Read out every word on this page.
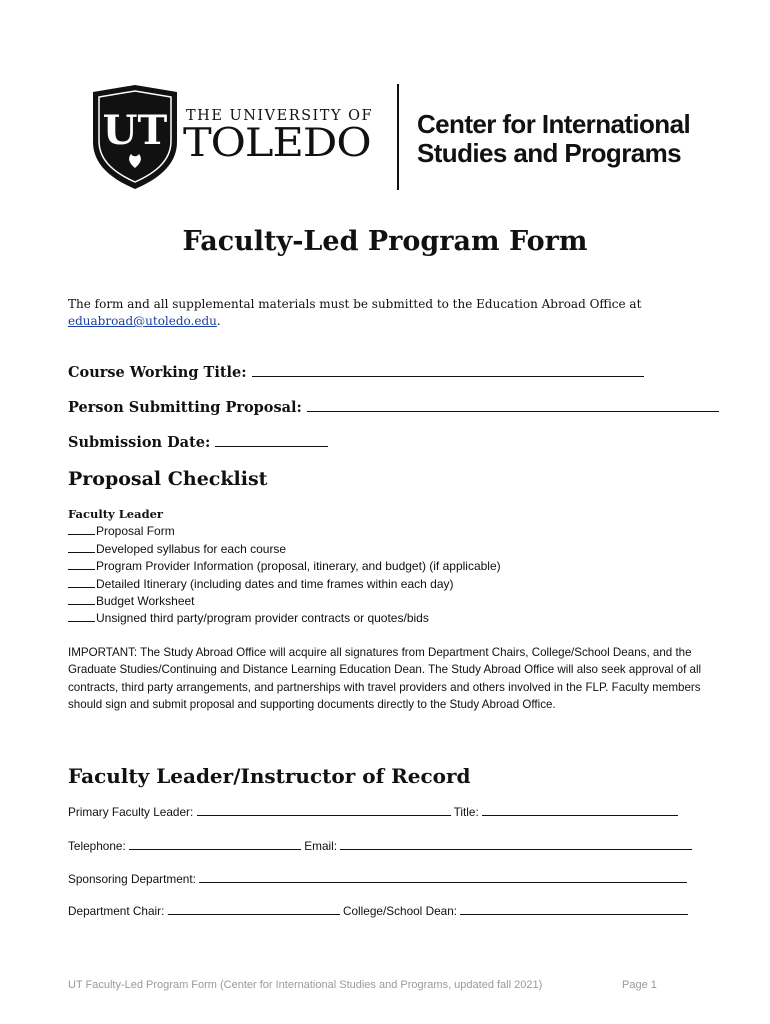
UT THE UNIVERSITY OF
TOLEDO Center for International
Studies and Programs
Faculty-Led Program Form
The form and all supplemental materials must be submitted to the Education Abroad Office at
eduabroad@utoledo.edu.
Course Working Title:
Person Submitting Proposal:
Submission Date:
Proposal Checklist
Faculty Leader
Proposal Form
Developed syllabus for each course
Program Provider Information (proposal, itinerary, and budget) (if applicable)
Detailed Itinerary (including dates and time frames within each day)
Budget Worksheet
Unsigned third party/program provider contracts or quotes/bids
IMPORTANT: The Study Abroad Office will acquire all signatures from Department Chairs, College/School Deans, and the Graduate Studies/Continuing and Distance Learning Education Dean. The Study Abroad Office will also seek approval of all contracts, third party arrangements, and partnerships with travel providers and others involved in the FLP. Faculty members should sign and submit proposal and supporting documents directly to the Study Abroad Office.
Faculty Leader/Instructor of Record
Primary Faculty Leader:	Title:
Telephone:	Email:
Sponsoring Department:
Department Chair:	College/School Dean:
UT Faculty-Led Program Form (Center for International Studies and Programs, updated fall 2021)	Page 1
